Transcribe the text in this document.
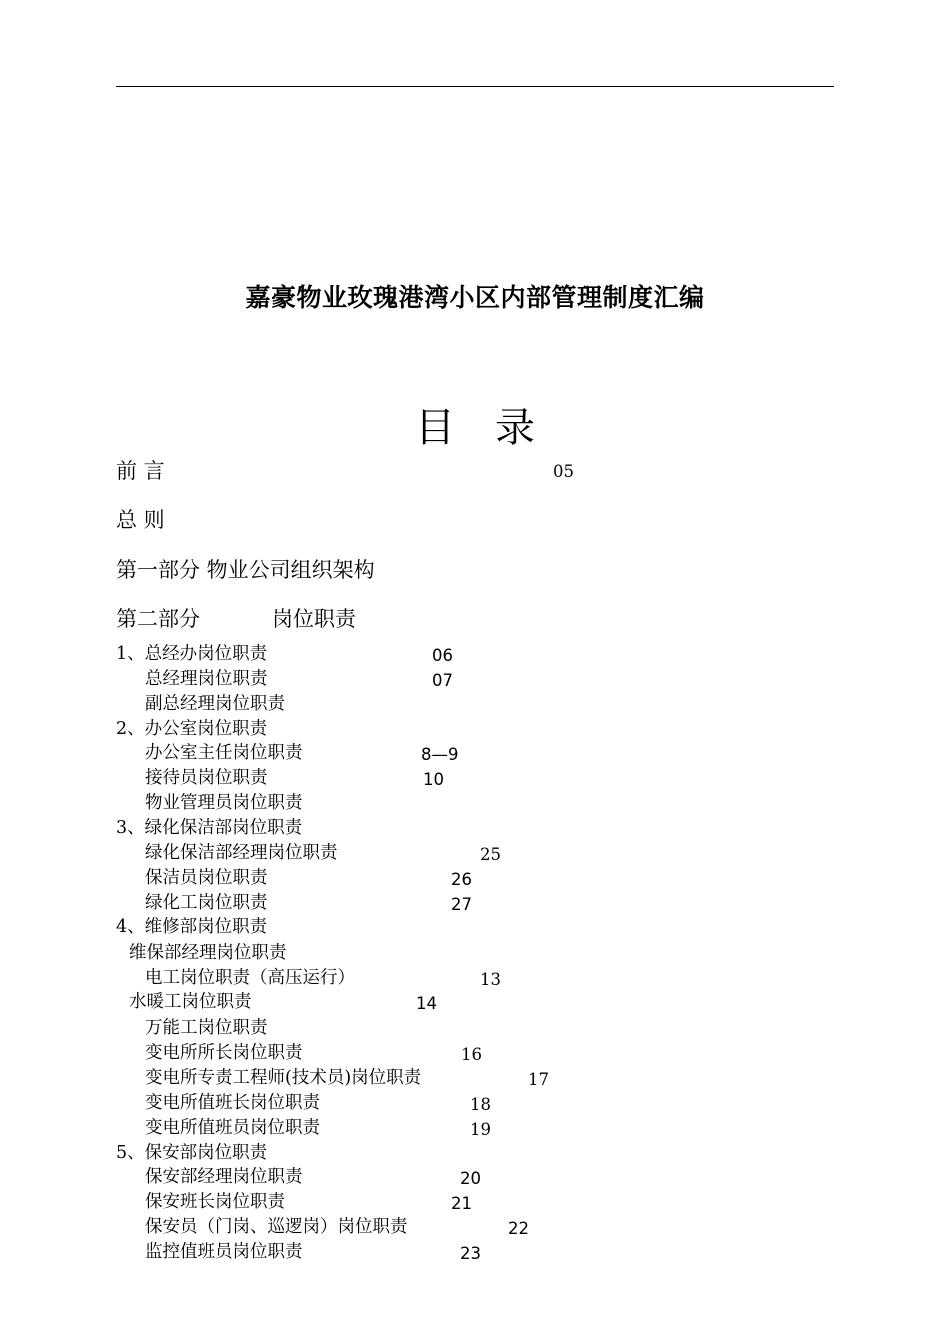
嘉豪物业玫瑰港湾小区内部管理制度汇编
目 录
前 言	05
总 则
第一部分 物业公司组织架构
第二部分	岗位职责
1、总经办岗位职责	06
总经理岗位职责	07
副总经理岗位职责
2、办公室岗位职责
办公室主任岗位职责	8—9
接待员岗位职责	10
物业管理员岗位职责
3、绿化保洁部岗位职责
绿化保洁部经理岗位职责	25
保洁员岗位职责	26
绿化工岗位职责	27
4、维修部岗位职责
维保部经理岗位职责
电工岗位职责（高压运行）	13
水暖工岗位职责	14
万能工岗位职责
变电所所长岗位职责	16
变电所专责工程师(技术员)岗位职责	17
变电所值班长岗位职责	18
变电所值班员岗位职责	19
5、保安部岗位职责
保安部经理岗位职责	20
保安班长岗位职责	21
保安员（门岗、巡逻岗）岗位职责	22
监控值班员岗位职责	23
